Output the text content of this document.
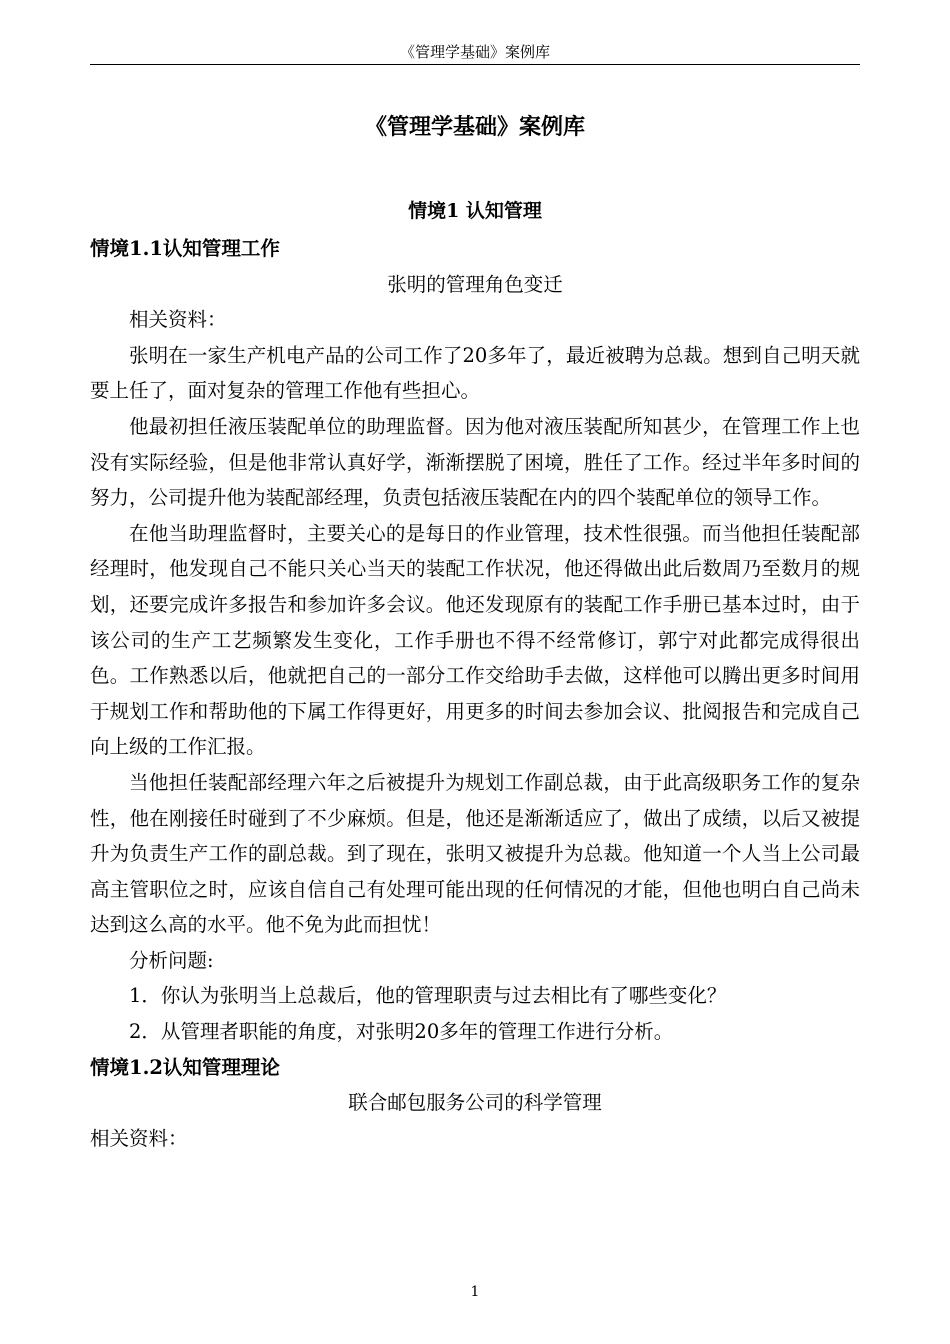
《管理学基础》案例库
《管理学基础》案例库
情境1 认知管理

情境1.1认知管理工作

张明的管理角色变迁

相关资料：

张明在一家生产机电产品的公司工作了20多年了，最近被聘为总裁。想到自己明天就要上任了，面对复杂的管理工作他有些担心。

他最初担任液压装配单位的助理监督。因为他对液压装配所知甚少，在管理工作上也没有实际经验，但是他非常认真好学，渐渐摆脱了困境，胜任了工作。经过半年多时间的努力，公司提升他为装配部经理，负责包括液压装配在内的四个装配单位的领导工作。

在他当助理监督时，主要关心的是每日的作业管理，技术性很强。而当他担任装配部经理时，他发现自己不能只关心当天的装配工作状况，他还得做出此后数周乃至数月的规划，还要完成许多报告和参加许多会议。他还发现原有的装配工作手册已基本过时，由于该公司的生产工艺频繁发生变化，工作手册也不得不经常修订，郭宁对此都完成得很出色。工作熟悉以后，他就把自己的一部分工作交给助手去做，这样他可以腾出更多时间用于规划工作和帮助他的下属工作得更好，用更多的时间去参加会议、批阅报告和完成自己向上级的工作汇报。

当他担任装配部经理六年之后被提升为规划工作副总裁，由于此高级职务工作的复杂性，他在刚接任时碰到了不少麻烦。但是，他还是渐渐适应了，做出了成绩，以后又被提升为负责生产工作的副总裁。到了现在，张明又被提升为总裁。他知道一个人当上公司最高主管职位之时，应该自信自己有处理可能出现的任何情况的才能，但他也明白自己尚未达到这么高的水平。他不免为此而担忧！

分析问题:

1．你认为张明当上总裁后，他的管理职责与过去相比有了哪些变化？

2．从管理者职能的角度，对张明20多年的管理工作进行分析。

情境1.2认知管理理论

联合邮包服务公司的科学管理

相关资料：

1
